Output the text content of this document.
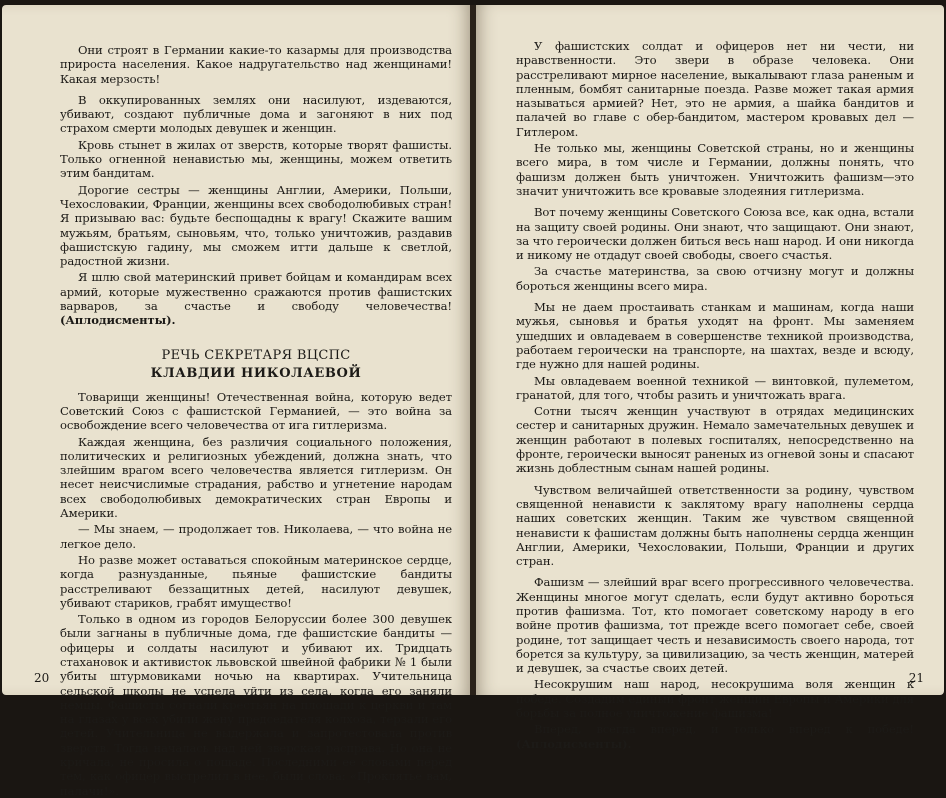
Они строят в Германии какие-то казармы для производства прироста населения. Какое надругательство над женщинами! Какая мерзость!

В оккупированных землях они насилуют, издеваются, убивают, создают публичные дома и загоняют в них под страхом смерти молодых девушек и женщин.

Кровь стынет в жилах от зверств, которые творят фашисты. Только огненной ненавистью мы, женщины, можем ответить этим бандитам.

Дорогие сестры — женщины Англии, Америки, Польши, Чехословакии, Франции, женщины всех свободолюбивых стран! Я призываю вас: будьте беспощадны к врагу! Скажите вашим мужьям, братьям, сыновьям, что, только уничтожив, раздавив фашистскую гадину, мы сможем итти дальше к светлой, радостной жизни.

Я шлю свой материнский привет бойцам и командирам всех армий, которые мужественно сражаются против фашистских варваров, за счастье и свободу человечества! (Аплодисменты).

РЕЧЬ СЕКРЕТАРЯ ВЦСПС
КЛАВДИИ НИКОЛАЕВОЙ

Товарищи женщины! Отечественная война, которую ведет Советский Союз с фашистской Германией, — это война за освобождение всего человечества от ига гитлеризма.

Каждая женщина, без различия социального положения, политических и религиозных убеждений, должна знать, что злейшим врагом всего человечества является гитлеризм. Он несет неисчислимые страдания, рабство и угнетение народам всех свободолюбивых демократических стран Европы и Америки.

— Мы знаем, — продолжает тов. Николаева, — что война не легкое дело.

Но разве может оставаться спокойным материнское сердце, когда разнузданные, пьяные фашистские бандиты расстреливают беззащитных детей, насилуют девушек, убивают стариков, грабят имущество!

Только в одном из городов Белоруссии более 300 девушек были загнаны в публичные дома, где фашистские бандиты — офицеры и солдаты насилуют и убивают их. Тридцать стахановок и активисток львовской швейной фабрики № 1 были убиты штурмовиками ночью на квартирах. Учительница сельской школы не успела уйти из села, когда его заняли немцы. Фашисты согнали крестьян на площади к церкви и там на глазах у всех убили жену председателя колхоза, терзали его детей. Учительница не выдержала и запротестовала против зверств. Тогда началась над ней зверская расправа. Но она не кричала, не просила о пощаде. Последними ее словами перед тем, как офицер выстрелил в нее, были слова: «Проклятье вам, палачи!».

20

У фашистских солдат и офицеров нет ни чести, ни нравственности. Это звери в образе человека. Они расстреливают мирное население, выкалывают глаза раненым и пленным, бомбят санитарные поезда. Разве может такая армия называться армией? Нет, это не армия, а шайка бандитов и палачей во главе с обер-бандитом, мастером кровавых дел — Гитлером.

Не только мы, женщины Советской страны, но и женщины всего мира, в том числе и Германии, должны понять, что фашизм должен быть уничтожен. Уничтожить фашизм—это значит уничтожить все кровавые злодеяния гитлеризма.

Вот почему женщины Советского Союза все, как одна, встали на защиту своей родины. Они знают, что защищают. Они знают, за что героически должен биться весь наш народ. И они никогда и никому не отдадут своей свободы, своего счастья.

За счастье материнства, за свою отчизну могут и должны бороться женщины всего мира.

Мы не даем простаивать станкам и машинам, когда наши мужья, сыновья и братья уходят на фронт. Мы заменяем ушедших и овладеваем в совершенстве техникой производства, работаем героически на транспорте, на шахтах, везде и всюду, где нужно для нашей родины.

Мы овладеваем военной техникой — винтовкой, пулеметом, гранатой, для того, чтобы разить и уничтожать врага.

Сотни тысяч женщин участвуют в отрядах медицинских сестер и санитарных дружин. Немало замечательных девушек и женщин работают в полевых госпиталях, непосредственно на фронте, героически выносят раненых из огневой зоны и спасают жизнь доблестным сынам нашей родины.

Чувством величайшей ответственности за родину, чувством священной ненависти к заклятому врагу наполнены сердца наших советских женщин. Таким же чувством священной ненависти к фашистам должны быть наполнены сердца женщин Англии, Америки, Чехословакии, Польши, Франции и других стран.

Фашизм — злейший враг всего прогрессивного человечества. Женщины многое могут сделать, если будут активно бороться против фашизма. Тот, кто помогает советскому народу в его войне против фашизма, тот прежде всего помогает себе, своей родине, тот защищает честь и независимость своего народа, тот борется за культуру, за цивилизацию, за честь женщин, матерей и девушек, за счастье своих детей.

Несокрушим наш народ, несокрушима воля женщин к победе. Создадим единый фронт женщин Европы и Америки для борьбы за полное уничтожение фашизма!

Вперед, всегда вперед, и только вперед к победе! (Аплодисменты).

21
